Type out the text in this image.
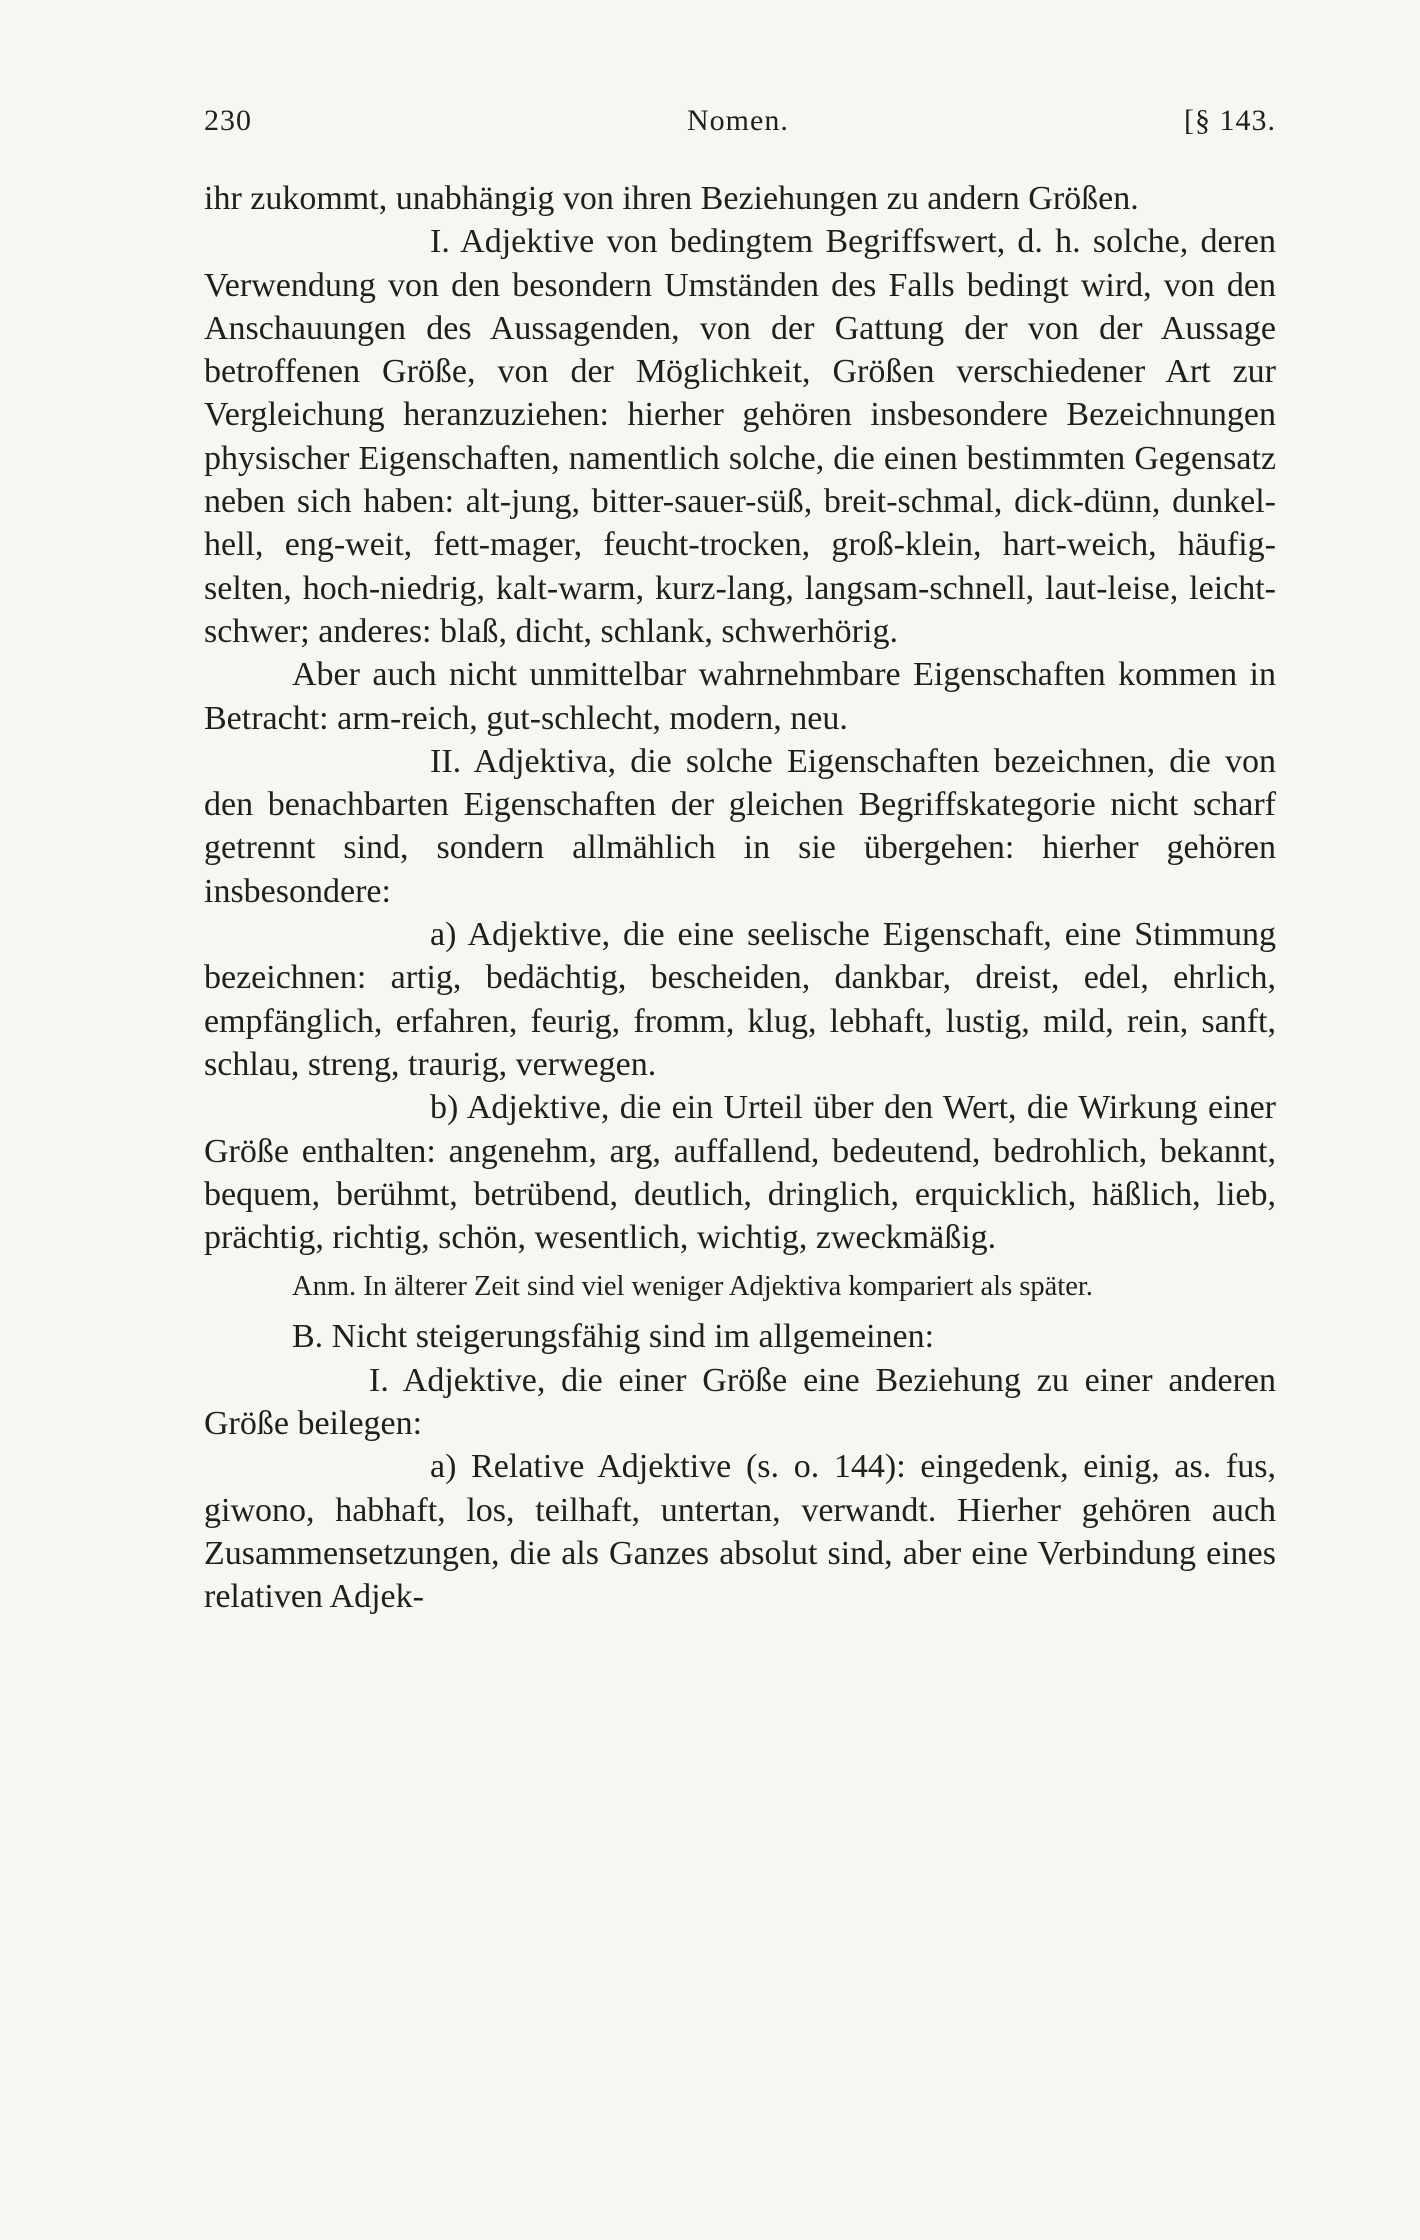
230	Nomen.	[§ 143.

ihr zukommt, unabhängig von ihren Beziehungen zu andern Größen.

I. Adjektive von bedingtem Begriffswert, d. h. solche, deren Verwendung von den besondern Umständen des Falls bedingt wird, von den Anschauungen des Aussagenden, von der Gattung der von der Aussage betroffenen Größe, von der Möglichkeit, Größen verschiedener Art zur Vergleichung heranzuziehen: hierher gehören insbesondere Bezeichnungen physischer Eigenschaften, namentlich solche, die einen bestimmten Gegensatz neben sich haben: alt-jung, bitter-sauer-süß, breit-schmal, dick-dünn, dunkel-hell, eng-weit, fett-mager, feucht-trocken, groß-klein, hart-weich, häufig-selten, hoch-niedrig, kalt-warm, kurz-lang, langsam-schnell, laut-leise, leicht-schwer; anderes: blaß, dicht, schlank, schwerhörig.

Aber auch nicht unmittelbar wahrnehmbare Eigenschaften kommen in Betracht: arm-reich, gut-schlecht, modern, neu.

II. Adjektiva, die solche Eigenschaften bezeichnen, die von den benachbarten Eigenschaften der gleichen Begriffskategorie nicht scharf getrennt sind, sondern allmählich in sie übergehen: hierher gehören insbesondere:

a) Adjektive, die eine seelische Eigenschaft, eine Stimmung bezeichnen: artig, bedächtig, bescheiden, dankbar, dreist, edel, ehrlich, empfänglich, erfahren, feurig, fromm, klug, lebhaft, lustig, mild, rein, sanft, schlau, streng, traurig, verwegen.

b) Adjektive, die ein Urteil über den Wert, die Wirkung einer Größe enthalten: angenehm, arg, auffallend, bedeutend, bedrohlich, bekannt, bequem, berühmt, betrübend, deutlich, dringlich, erquicklich, häßlich, lieb, prächtig, richtig, schön, wesentlich, wichtig, zweckmäßig.

Anm. In älterer Zeit sind viel weniger Adjektiva kompariert als später.

B. Nicht steigerungsfähig sind im allgemeinen:

I. Adjektive, die einer Größe eine Beziehung zu einer anderen Größe beilegen:

a) Relative Adjektive (s. o. 144): eingedenk, einig, as. fus, giwono, habhaft, los, teilhaft, untertan, verwandt. Hierher gehören auch Zusammensetzungen, die als Ganzes absolut sind, aber eine Verbindung eines relativen Adjek-
